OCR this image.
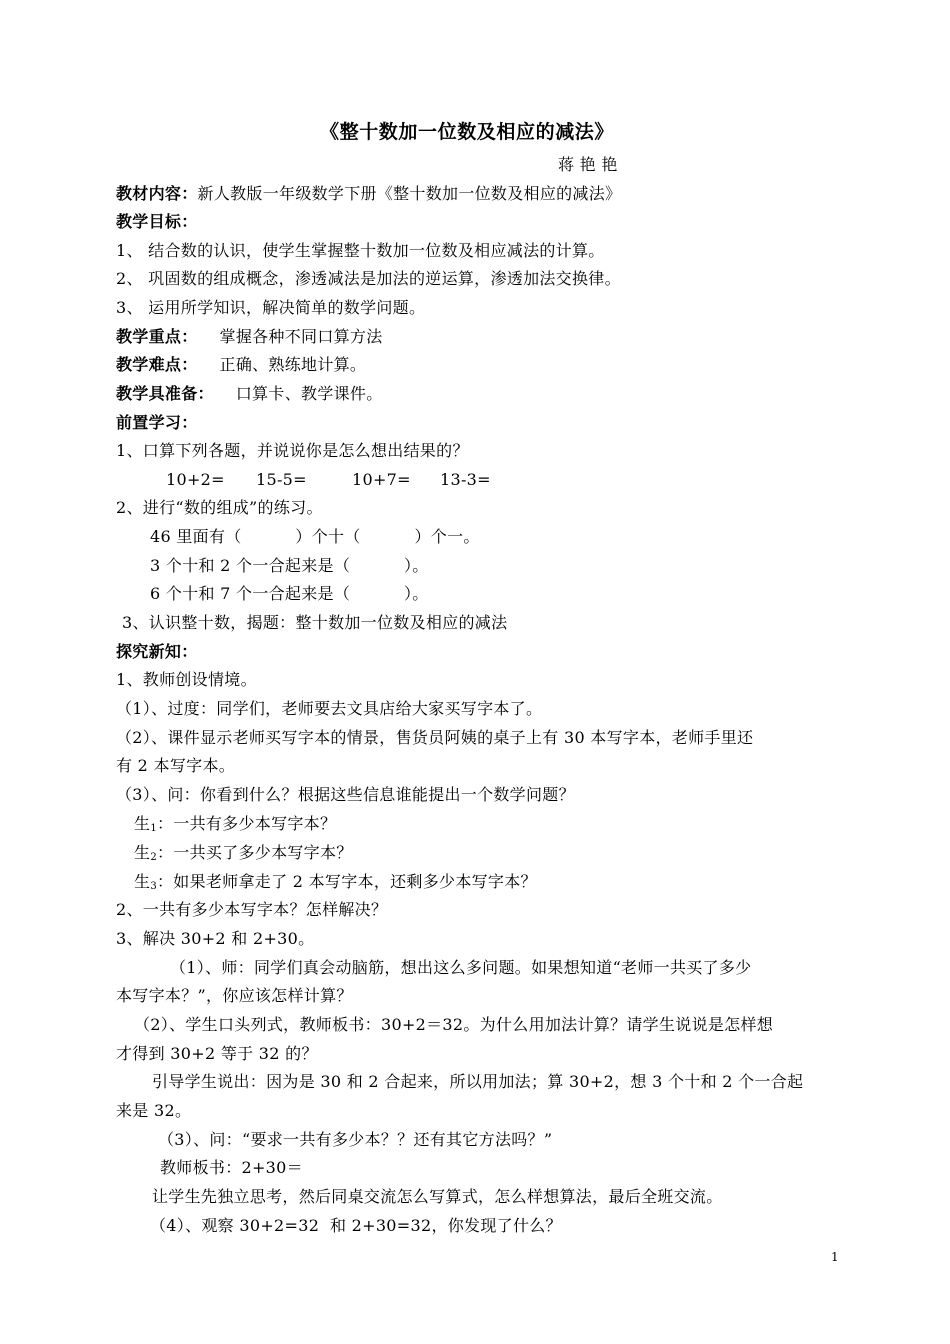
《整十数加一位数及相应的减法》
蒋 艳 艳
教材内容：新人教版一年级数学下册《整十数加一位数及相应的减法》
教学目标：
1、 结合数的认识，使学生掌握整十数加一位数及相应减法的计算。
2、 巩固数的组成概念，渗透减法是加法的逆运算，渗透加法交换律。
3、 运用所学知识，解决简单的数学问题。
教学重点： 掌握各种不同口算方法
教学难点： 正确、熟练地计算。
教学具准备： 口算卡、教学课件。
前置学习：
1、口算下列各题，并说说你是怎么想出结果的？
10+2= 15-5=	10+7= 13-3=
2、进行“数的组成”的练习。
46 里面有（          ）个十（          ）个一。
3 个十和 2 个一合起来是（          ）。
6 个十和 7 个一合起来是（          ）。
3、认识整十数，揭题：整十数加一位数及相应的减法
探究新知：
1、教师创设情境。
（1）、过度：同学们，老师要去文具店给大家买写字本了。
（2）、课件显示老师买写字本的情景，售货员阿姨的桌子上有 30 本写字本，老师手里还
有 2 本写字本。
（3）、问：你看到什么？根据这些信息谁能提出一个数学问题？
生$_1$：一共有多少本写字本？
生$_2$：一共买了多少本写字本？
生$_3$：如果老师拿走了 2 本写字本，还剩多少本写字本？
2、一共有多少本写字本？怎样解决？
3、解决 30+2 和 2+30。
（1）、师：同学们真会动脑筋，想出这么多问题。如果想知道“老师一共买了多少
本写字本？”，你应该怎样计算？
（2）、学生口头列式，教师板书：30+2＝32。为什么用加法计算？请学生说说是怎样想
才得到 30+2 等于 32 的？
引导学生说出：因为是 30 和 2 合起来，所以用加法；算 30+2，想 3 个十和 2 个一合起
来是 32。
（3）、问：“要求一共有多少本？？还有其它方法吗？”
教师板书：2+30＝
让学生先独立思考，然后同桌交流怎么写算式，怎么样想算法，最后全班交流。
（4）、观察 30+2=32  和 2+30=32，你发现了什么？
1
